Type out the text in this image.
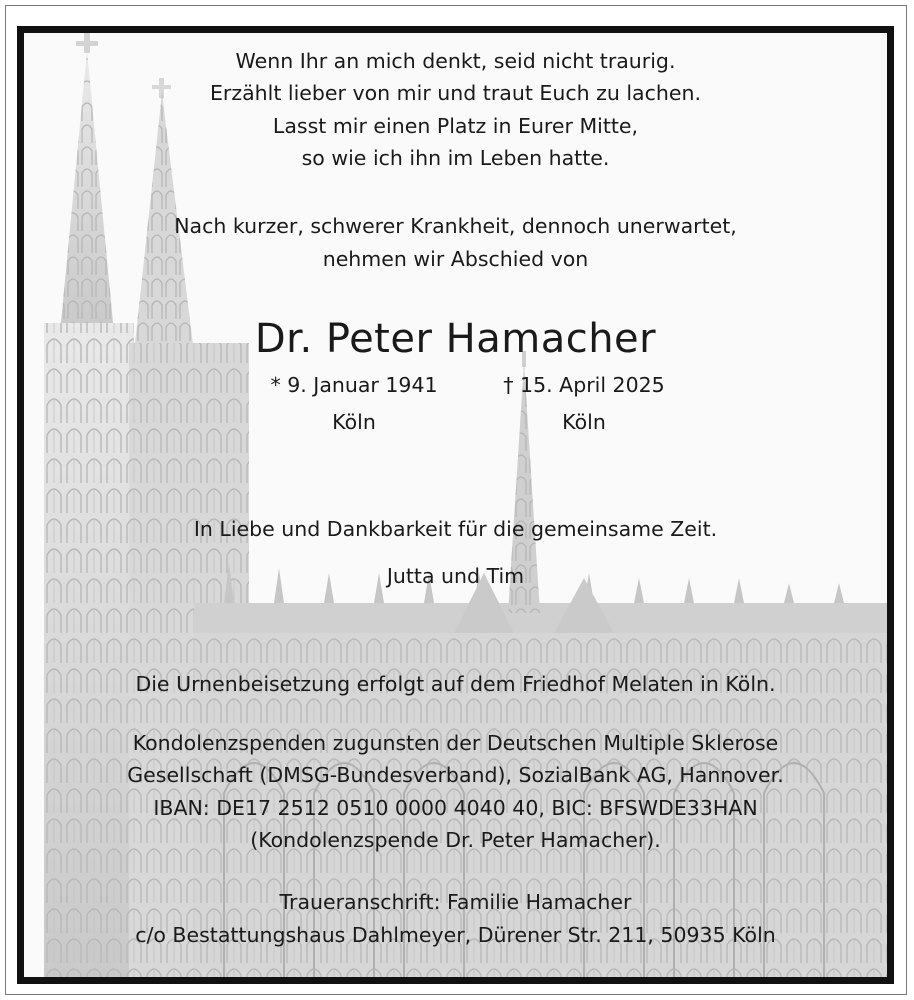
Wenn Ihr an mich denkt, seid nicht traurig.
Erzählt lieber von mir und traut Euch zu lachen.
Lasst mir einen Platz in Eurer Mitte,
so wie ich ihn im Leben hatte.
Nach kurzer, schwerer Krankheit, dennoch unerwartet,
nehmen wir Abschied von
Dr. Peter Hamacher
* 9. Januar 1941
Köln
† 15. April 2025
Köln
In Liebe und Dankbarkeit für die gemeinsame Zeit.
Jutta und Tim
Die Urnenbeisetzung erfolgt auf dem Friedhof Melaten in Köln.
Kondolenzspenden zugunsten der Deutschen Multiple Sklerose
Gesellschaft (DMSG-Bundesverband), SozialBank AG, Hannover.
IBAN: DE17 2512 0510 0000 4040 40, BIC: BFSWDE33HAN
(Kondolenzspende Dr. Peter Hamacher).
Traueranschrift: Familie Hamacher
c/o Bestattungshaus Dahlmeyer, Dürener Str. 211, 50935 Köln
